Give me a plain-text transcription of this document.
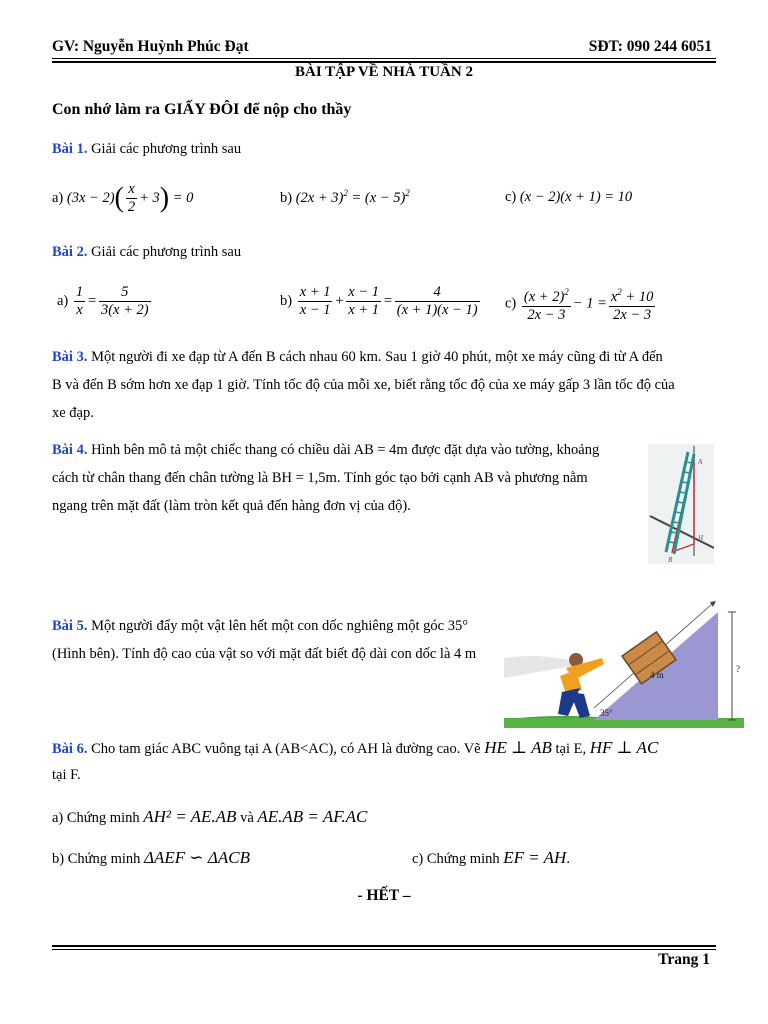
GV: Nguyễn Huỳnh Phúc Đạt	SĐT: 090 244 6051
BÀI TẬP VỀ NHÀ TUẦN 2
Con nhớ làm ra GIẤY ĐÔI để nộp cho thầy
Bài 1. Giải các phương trình sau
a) $(3x - 2)( \frac{x}{2} + 3) = 0$	b) $(2x + 3)^2 = (x - 5)^2$	c) (x − 2)(x + 1) = 10
Bài 2. Giải các phương trình sau
$a) \frac{1}{x} = \frac{5}{3(x + 2)}$	$b) \frac{x + 1}{x - 1} + \frac{x - 1}{x + 1} = \frac{4}{(x + 1)(x - 1)} c) \frac{(x + 2)^2}{2x - 3} - 1 = \frac{x^2 + 10}{2x - 3}$
Bài 3. Một người đi xe đạp từ A đến B cách nhau 60 km. Sau 1 giờ 40 phút, một xe máy cũng đi từ A đến
B và đến B sớm hơn xe đạp 1 giờ. Tính tốc độ của mỗi xe, biết rằng tốc độ của xe máy gấp 3 lần tốc độ của
xe đạp.
Bài 4. Hình bên mô tả một chiếc thang có chiều dài AB = 4m được đặt dựa vào tường, khoảng
cách từ chân thang đến chân tường là BH = 1,5m. Tính góc tạo bởi cạnh AB và phương nằm
ngang trên mặt đất (làm tròn kết quả đến hàng đơn vị của độ).
A
H
B
Bài 5. Một người đẩy một vật lên hết một con dốc nghiêng một góc 35°
(Hình bên). Tính độ cao của vật so với mặt đất biết độ dài con dốc là 4 m
4 m
35°
?
Bài 6. Cho tam giác ABC vuông tại A (AB<AC), có AH là đường cao. Vẽ HE ⊥ AB tại E, HF ⊥ AC
tại F.
a) Chứng minh AH² = AE.AB và AE.AB = AF.AC
b) Chứng minh ΔAEF ∽ ΔACB	c) Chứng minh EF = AH.
- HẾT –
Trang 1
